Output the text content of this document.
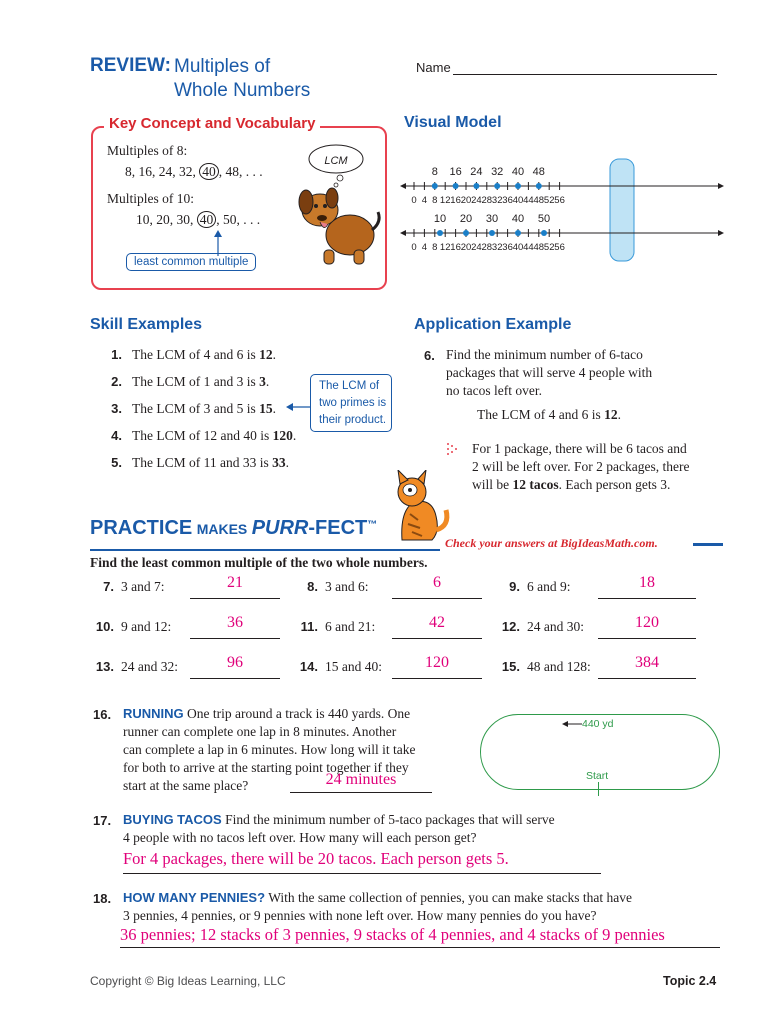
REVIEW: Multiples of
Whole Numbers
Name
Key Concept and Vocabulary
Multiples of 8:
8, 16, 24, 32, 40 , 48, . . .
Multiples of 10:
10, 20, 30, 40 , 50, . . .
least common multiple
LCM
Visual Model
0 4 8 12 16 20 24 28 32 36 40 44 48 52 56
8 16 24 32 40 48
0 4 8 12 16 20 24 28 32 36 40 44 48 52 56
10 20 30 40 50
Skill Examples
1. The LCM of 4 and 6 is 12.
2. The LCM of 1 and 3 is 3.
3. The LCM of 3 and 5 is 15.
4. The LCM of 12 and 40 is 120.
5. The LCM of 11 and 33 is 33.
The LCM of
two primes is
their product.
Application Example
6. Find the minimum number of 6-taco
packages that will serve 4 people with
no tacos left over.
The LCM of 4 and 6 is 12.
For 1 package, there will be 6 tacos and
2 will be left over. For 2 packages, there
will be 12 tacos. Each person gets 3.
PRACTICE MAKES PURR-FECT™
Check your answers at BigIdeasMath.com.
Find the least common multiple of the two whole numbers.
7. 3 and 7:	21	8. 3 and 6:	6	9. 6 and 9:	18
10. 9 and 12:	36	11. 6 and 21:	42	12. 24 and 30:	120
13. 24 and 32:	96	14. 15 and 40:	120	15. 48 and 128:	384
16. RUNNING One trip around a track is 440 yards. One
runner can complete one lap in 8 minutes. Another
can complete a lap in 6 minutes. How long will it take
for both to arrive at the starting point together if they
start at the same place?	24 minutes
440 yd
Start
17. BUYING TACOS Find the minimum number of 5-taco packages that will serve
4 people with no tacos left over. How many will each person get?
For 4 packages, there will be 20 tacos. Each person gets 5.
18. HOW MANY PENNIES? With the same collection of pennies, you can make stacks that have
3 pennies, 4 pennies, or 9 pennies with none left over. How many pennies do you have?
36 pennies; 12 stacks of 3 pennies, 9 stacks of 4 pennies, and 4 stacks of 9 pennies
Copyright © Big Ideas Learning, LLC	Topic 2.4
